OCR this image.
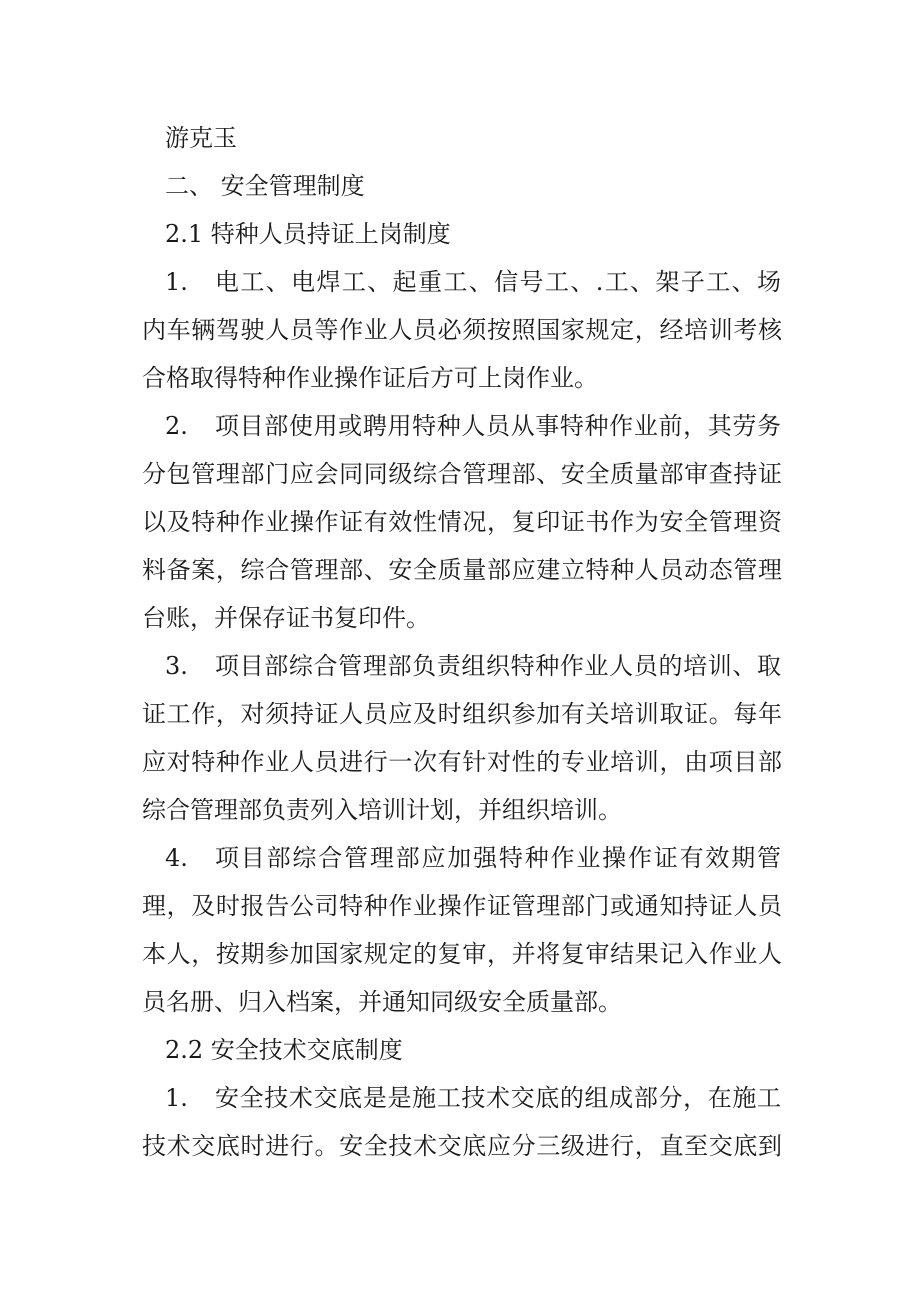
游克玉
二、 安全管理制度
2.1 特种人员持证上岗制度
1. 电工、电焊工、起重工、信号工、.工、架子工、场
内车辆驾驶人员等作业人员必须按照国家规定，经培训考核
合格取得特种作业操作证后方可上岗作业。
2. 项目部使用或聘用特种人员从事特种作业前，其劳务
分包管理部门应会同同级综合管理部、安全质量部审查持证
以及特种作业操作证有效性情况，复印证书作为安全管理资
料备案，综合管理部、安全质量部应建立特种人员动态管理
台账，并保存证书复印件。
3. 项目部综合管理部负责组织特种作业人员的培训、取
证工作，对须持证人员应及时组织参加有关培训取证。每年
应对特种作业人员进行一次有针对性的专业培训，由项目部
综合管理部负责列入培训计划，并组织培训。
4. 项目部综合管理部应加强特种作业操作证有效期管
理，及时报告公司特种作业操作证管理部门或通知持证人员
本人，按期参加国家规定的复审，并将复审结果记入作业人
员名册、归入档案，并通知同级安全质量部。
2.2 安全技术交底制度
1. 安全技术交底是是施工技术交底的组成部分，在施工
技术交底时进行。安全技术交底应分三级进行，直至交底到
